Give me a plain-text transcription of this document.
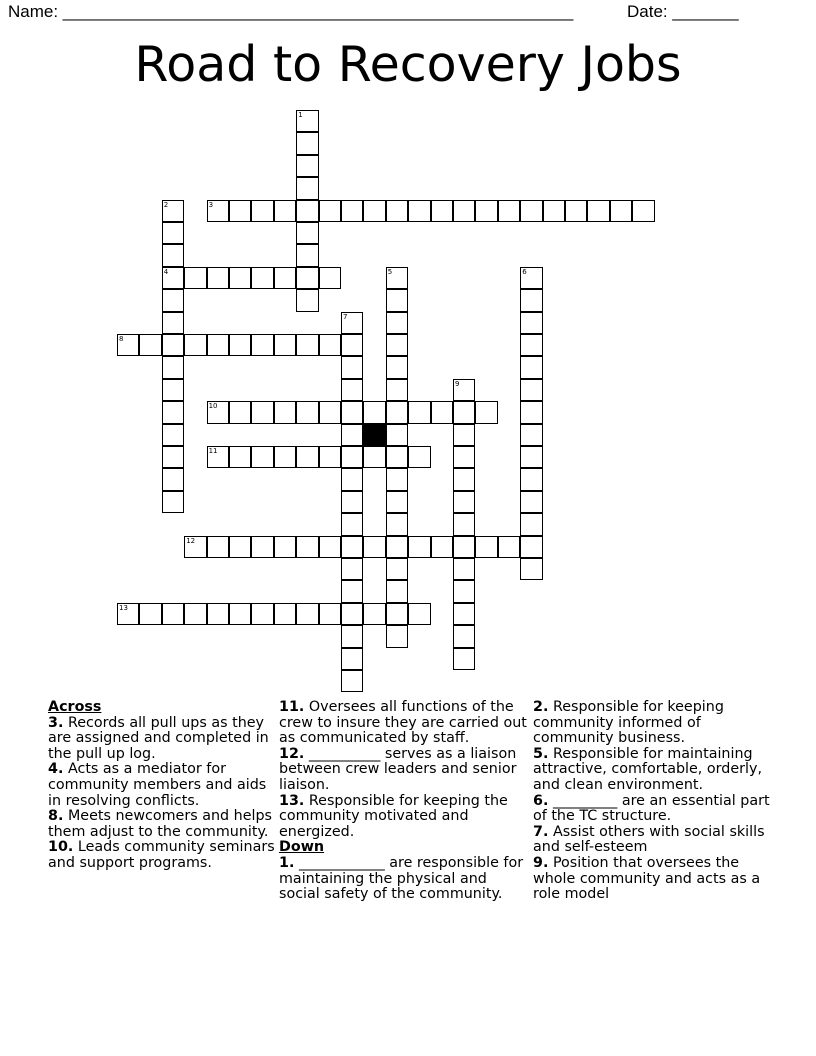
Name: ______________________________________________________	Date: _______
Road to Recovery Jobs
1
2
4
3
5	6
7
8
9
10
11
12
13
Across
3. Records all pull ups as they are assigned and completed in the pull up log.
4. Acts as a mediator for community members and aids in resolving conflicts.
8. Meets newcomers and helps them adjust to the community.
10. Leads community seminars and support programs.
11. Oversees all functions of the crew to insure they are carried out as communicated by staff.
12. __________ serves as a liaison between crew leaders and senior liaison.
13. Responsible for keeping the community motivated and energized.
Down
1. ____________ are responsible for maintaining the physical and social safety of the community.
2. Responsible for keeping community informed of community business.
5. Responsible for maintaining attractive, comfortable, orderly, and clean environment.
6. _________ are an essential part of the TC structure.
7. Assist others with social skills and self-esteem
9. Position that oversees the whole community and acts as a role model
